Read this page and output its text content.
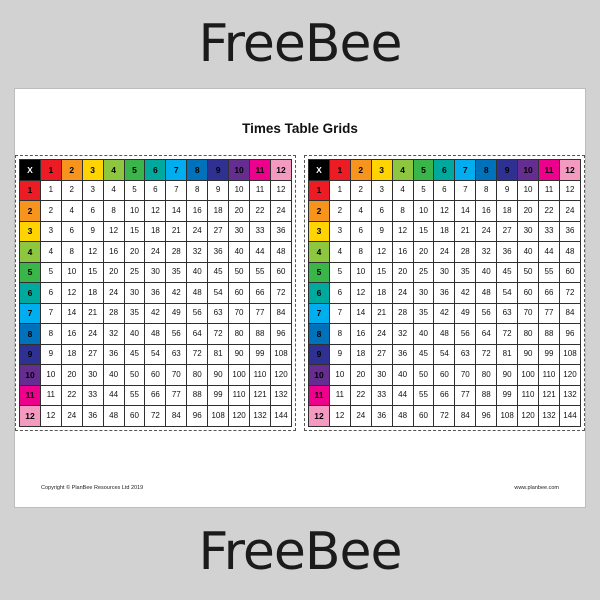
FreeBee
Times Table Grids
X	1	2	3	4	5	6	7	8	9	10	11	12
1	1	2	3	4	5	6	7	8	9	10	11	12
2	2	4	6	8	10	12	14	16	18	20	22	24
3	3	6	9	12	15	18	21	24	27	30	33	36
4	4	8	12	16	20	24	28	32	36	40	44	48
5	5	10	15	20	25	30	35	40	45	50	55	60
6	6	12	18	24	30	36	42	48	54	60	66	72
7	7	14	21	28	35	42	49	56	63	70	77	84
8	8	16	24	32	40	48	56	64	72	80	88	96
9	9	18	27	36	45	54	63	72	81	90	99	108
10	10	20	30	40	50	60	70	80	90	100	110	120
11	11	22	33	44	55	66	77	88	99	110	121	132
12	12	24	36	48	60	72	84	96	108	120	132	144
X	1	2	3	4	5	6	7	8	9	10	11	12
1	1	2	3	4	5	6	7	8	9	10	11	12
2	2	4	6	8	10	12	14	16	18	20	22	24
3	3	6	9	12	15	18	21	24	27	30	33	36
4	4	8	12	16	20	24	28	32	36	40	44	48
5	5	10	15	20	25	30	35	40	45	50	55	60
6	6	12	18	24	30	36	42	48	54	60	66	72
7	7	14	21	28	35	42	49	56	63	70	77	84
8	8	16	24	32	40	48	56	64	72	80	88	96
9	9	18	27	36	45	54	63	72	81	90	99	108
10	10	20	30	40	50	60	70	80	90	100	110	120
11	11	22	33	44	55	66	77	88	99	110	121	132
12	12	24	36	48	60	72	84	96	108	120	132	144
Copyright © PlanBee Resources Ltd 2019	www.planbee.com
FreeBee
